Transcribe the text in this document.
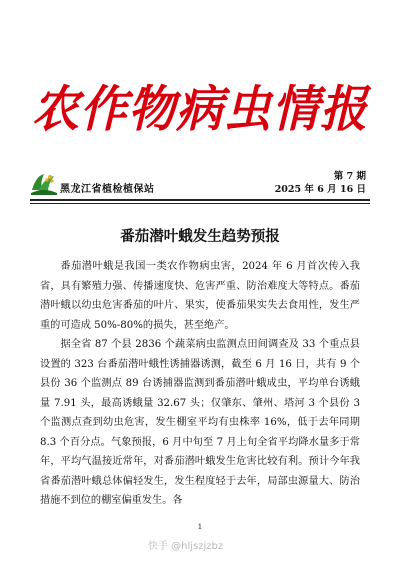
农作物病虫情报
黑龙江省植检植保站
第 7 期
2025 年 6 月 16 日
番茄潜叶蛾发生趋势预报

番茄潜叶蛾是我国一类农作物病虫害，2024 年 6 月首次传入我省，具有繁殖力强、传播速度快、危害严重、防治难度大等特点。番茄潜叶蛾以幼虫危害番茄的叶片、果实，使番茄果实失去食用性，发生严重的可造成 50%-80%的损失，甚至绝产。

据全省 87 个县 2836 个蔬菜病虫监测点田间调查及 33 个重点县设置的 323 台番茄潜叶蛾性诱捕器诱测，截至 6 月 16 日，共有 9 个县份 36 个监测点 89 台诱捕器监测到番茄潜叶蛾成虫，平均单台诱蛾量 7.91 头，最高诱蛾量 32.67 头；仅肇东、肇州、塔河 3 个县份 3 个监测点查到幼虫危害，发生棚室平均有虫株率 16%，低于去年同期 8.3 个百分点。气象预报，6 月中旬至 7 月上旬全省平均降水量多于常年，平均气温接近常年，对番茄潜叶蛾发生危害比较有利。预计今年我省番茄潜叶蛾总体偏轻发生，发生程度轻于去年，局部虫源量大、防治措施不到位的棚室偏重发生。各

1
快手 @hljszjzbz
